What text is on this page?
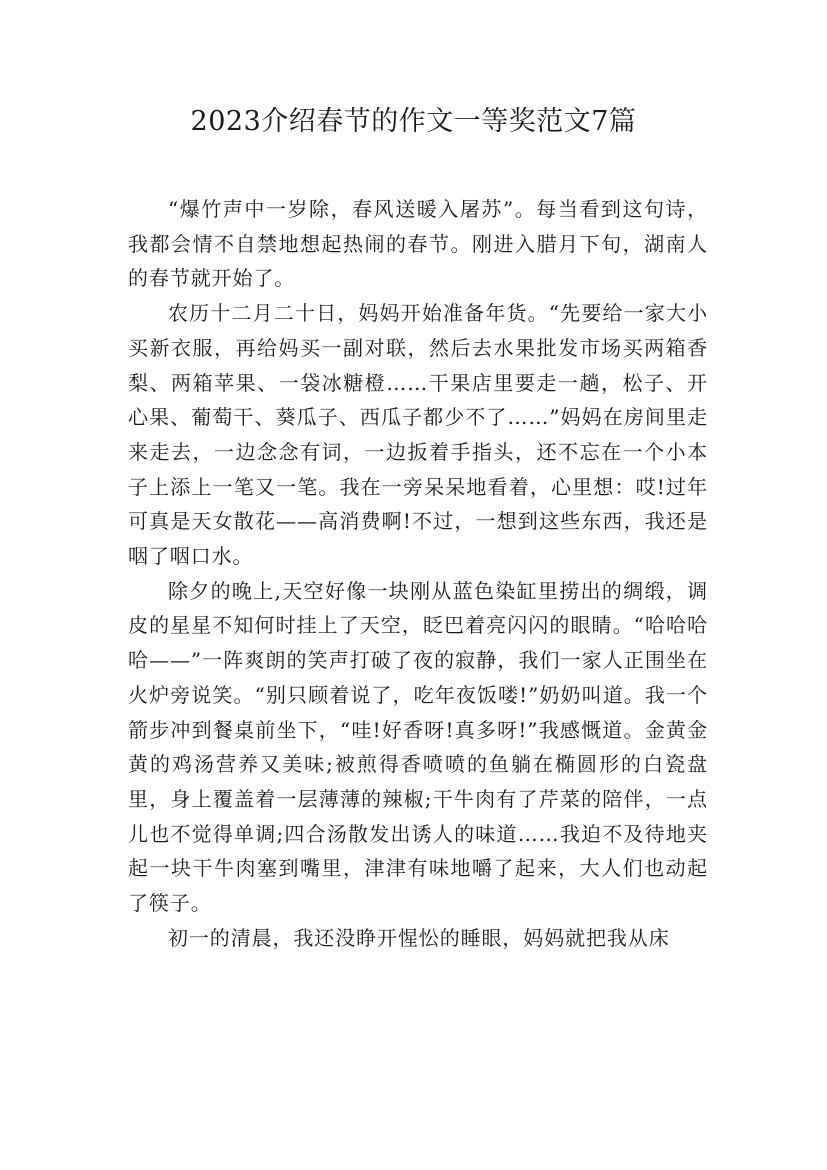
2023介绍春节的作文一等奖范文7篇

“爆竹声中一岁除，春风送暖入屠苏”。每当看到这句诗，我都会情不自禁地想起热闹的春节。刚进入腊月下旬，湖南人的春节就开始了。

农历十二月二十日，妈妈开始准备年货。“先要给一家大小买新衣服，再给妈买一副对联，然后去水果批发市场买两箱香梨、两箱苹果、一袋冰糖橙……干果店里要走一趟，松子、开心果、葡萄干、葵瓜子、西瓜子都少不了……”妈妈在房间里走来走去，一边念念有词，一边扳着手指头，还不忘在一个小本子上添上一笔又一笔。我在一旁呆呆地看着，心里想：哎!过年可真是天女散花——高消费啊!不过，一想到这些东西，我还是咽了咽口水。

除夕的晚上,天空好像一块刚从蓝色染缸里捞出的绸缎，调皮的星星不知何时挂上了天空，眨巴着亮闪闪的眼睛。“哈哈哈哈——”一阵爽朗的笑声打破了夜的寂静，我们一家人正围坐在火炉旁说笑。“别只顾着说了，吃年夜饭喽!”奶奶叫道。我一个箭步冲到餐桌前坐下，“哇!好香呀!真多呀!”我感慨道。金黄金黄的鸡汤营养又美味;被煎得香喷喷的鱼躺在椭圆形的白瓷盘里，身上覆盖着一层薄薄的辣椒;干牛肉有了芹菜的陪伴，一点儿也不觉得单调;四合汤散发出诱人的味道……我迫不及待地夹起一块干牛肉塞到嘴里，津津有味地嚼了起来，大人们也动起了筷子。

初一的清晨，我还没睁开惺忪的睡眼，妈妈就把我从床
